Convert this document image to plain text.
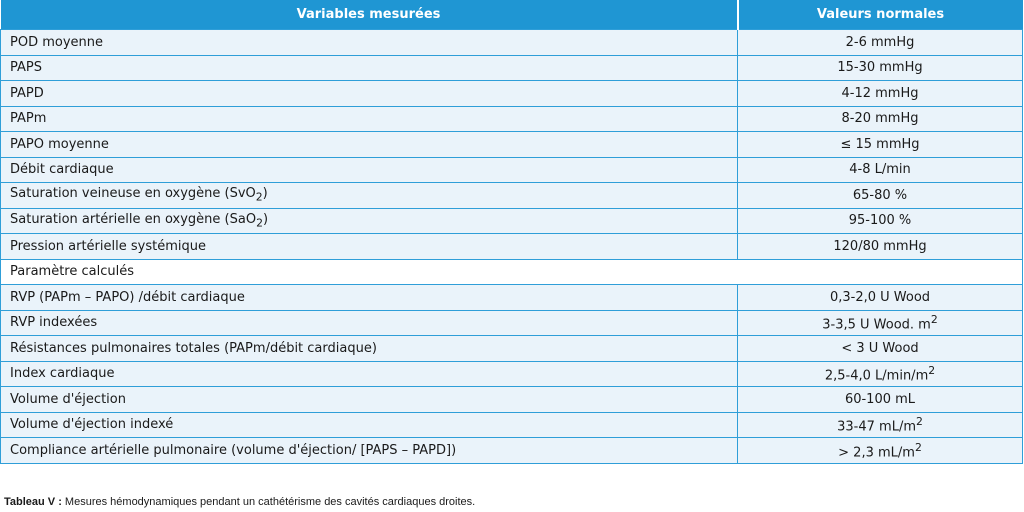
Variables mesurées	Valeurs normales
POD moyenne	2-6 mmHg
PAPS	15-30 mmHg
PAPD	4-12 mmHg
PAPm	8-20 mmHg
PAPO moyenne	≤ 15 mmHg
Débit cardiaque	4-8 L/min
Saturation veineuse en oxygène (SvO$_2$)	65-80 %
Saturation artérielle en oxygène (SaO$_2$)	95-100 %
Pression artérielle systémique	120/80 mmHg
Paramètre calculés	
RVP (PAPm – PAPO) /débit cardiaque	0,3-2,0 U Wood
RVP indexées	3-3,5 U Wood. $m^2$
Résistances pulmonaires totales (PAPm/débit cardiaque)	< 3 U Wood
Index cardiaque	2,5-4,0 $L/\min/m^2$
Volume d'éjection	60-100 mL
Volume d'éjection indexé	33-47 $mL/m^2$
Compliance artérielle pulmonaire (volume d'éjection/ [PAPS – PAPD])	> 2,3 $mL/m^2$
Tableau V : Mesures hémodynamiques pendant un cathétérisme des cavités cardiaques droites.
